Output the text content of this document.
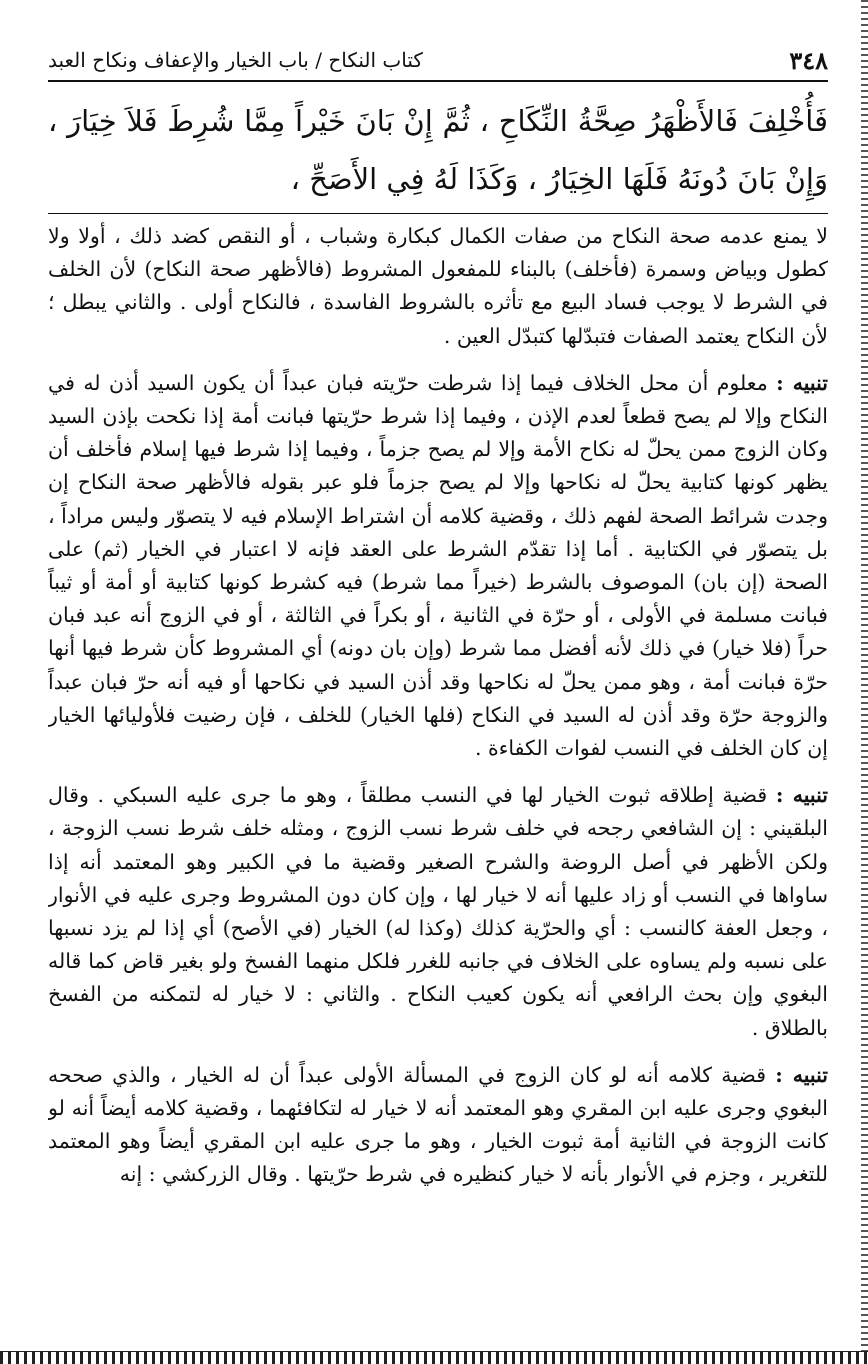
٣٤٨
كتاب النكاح / باب الخيار والإعفاف ونكاح العبد
فَأُخْلِفَ فَالأَظْهَرُ صِحَّةُ النِّكَاحِ ، ثُمَّ إِنْ بَانَ خَيْراً مِمَّا شُرِطَ فَلاَ خِيَارَ ، وَإِنْ بَانَ دُونَهُ فَلَهَا الخِيَارُ ، وَكَذَا لَهُ فِي الأَصَحِّ ،

لا يمنع عدمه صحة النكاح من صفات الكمال كبكارة وشباب ، أو النقص كضد ذلك ، أولا ولا كطول وبياض وسمرة (فأخلف) بالبناء للمفعول المشروط (فالأظهر صحة النكاح) لأن الخلف في الشرط لا يوجب فساد البيع مع تأثره بالشروط الفاسدة ، فالنكاح أولى . والثاني يبطل ؛ لأن النكاح يعتمد الصفات فتبدّلها كتبدّل العين .

تنبيه : معلوم أن محل الخلاف فيما إذا شرطت حرّيته فبان عبداً أن يكون السيد أذن له في النكاح وإلا لم يصح قطعاً لعدم الإذن ، وفيما إذا شرط حرّيتها فبانت أمة إذا نكحت بإذن السيد وكان الزوج ممن يحلّ له نكاح الأمة وإلا لم يصح جزماً ، وفيما إذا شرط فيها إسلام فأخلف أن يظهر كونها كتابية يحلّ له نكاحها وإلا لم يصح جزماً فلو عبر بقوله فالأظهر صحة النكاح إن وجدت شرائط الصحة لفهم ذلك ، وقضية كلامه أن اشتراط الإسلام فيه لا يتصوّر وليس مراداً ، بل يتصوّر في الكتابية . أما إذا تقدّم الشرط على العقد فإنه لا اعتبار في الخيار (ثم) على الصحة (إن بان) الموصوف بالشرط (خيراً مما شرط) فيه كشرط كونها كتابية أو أمة أو ثيباً فبانت مسلمة في الأولى ، أو حرّة في الثانية ، أو بكراً في الثالثة ، أو في الزوج أنه عبد فبان حراً (فلا خيار) في ذلك لأنه أفضل مما شرط (وإن بان دونه) أي المشروط كأن شرط فيها أنها حرّة فبانت أمة ، وهو ممن يحلّ له نكاحها وقد أذن السيد في نكاحها أو فيه أنه حرّ فبان عبداً والزوجة حرّة وقد أذن له السيد في النكاح (فلها الخيار) للخلف ، فإن رضيت فلأوليائها الخيار إن كان الخلف في النسب لفوات الكفاءة .

تنبيه : قضية إطلاقه ثبوت الخيار لها في النسب مطلقاً ، وهو ما جرى عليه السبكي . وقال البلقيني : إن الشافعي رجحه في خلف شرط نسب الزوج ، ومثله خلف شرط نسب الزوجة ، ولكن الأظهر في أصل الروضة والشرح الصغير وقضية ما في الكبير وهو المعتمد أنه إذا ساواها في النسب أو زاد عليها أنه لا خيار لها ، وإن كان دون المشروط وجرى عليه في الأنوار ، وجعل العفة كالنسب : أي والحرّية كذلك (وكذا له) الخيار (في الأصح) أي إذا لم يزد نسبها على نسبه ولم يساوه على الخلاف في جانبه للغرر فلكل منهما الفسخ ولو بغير قاض كما قاله البغوي وإن بحث الرافعي أنه يكون كعيب النكاح . والثاني : لا خيار له لتمكنه من الفسخ بالطلاق .

تنبيه : قضية كلامه أنه لو كان الزوج في المسألة الأولى عبداً أن له الخيار ، والذي صححه البغوي وجرى عليه ابن المقري وهو المعتمد أنه لا خيار له لتكافئهما ، وقضية كلامه أيضاً أنه لو كانت الزوجة في الثانية أمة ثبوت الخيار ، وهو ما جرى عليه ابن المقري أيضاً وهو المعتمد للتغرير ، وجزم في الأنوار بأنه لا خيار كنظيره في شرط حرّيتها . وقال الزركشي : إنه
